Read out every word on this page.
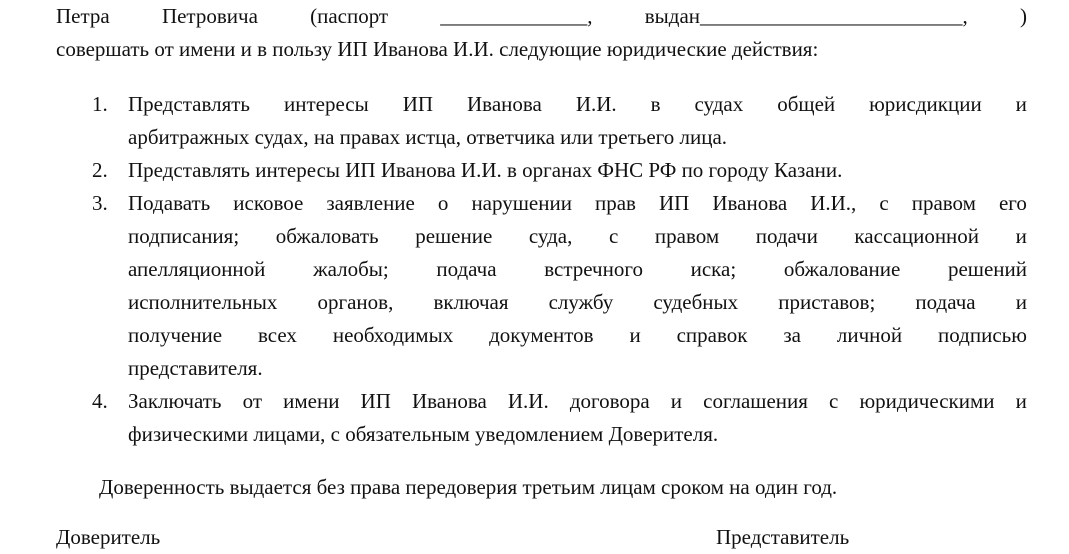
Петра Петровича (паспорт ______________, выдан_________________________, )
совершать от имени и в пользу ИП Иванова И.И. следующие юридические действия:
1. Представлять интересы ИП Иванова И.И. в судах общей юрисдикции и
арбитражных судах, на правах истца, ответчика или третьего лица.
2. Представлять интересы ИП Иванова И.И. в органах ФНС РФ по городу Казани.
3. Подавать исковое заявление о нарушении прав ИП Иванова И.И., с правом его
подписания; обжаловать решение суда, с правом подачи кассационной и
апелляционной жалобы; подача встречного иска; обжалование решений
исполнительных органов, включая службу судебных приставов; подача и
получение всех необходимых документов и справок за личной подписью
представителя.
4. Заключать от имени ИП Иванова И.И. договора и соглашения с юридическими и
физическими лицами, с обязательным уведомлением Доверителя.
Доверенность выдается без права передоверия третьим лицам сроком на один год.
Доверитель	Представитель
